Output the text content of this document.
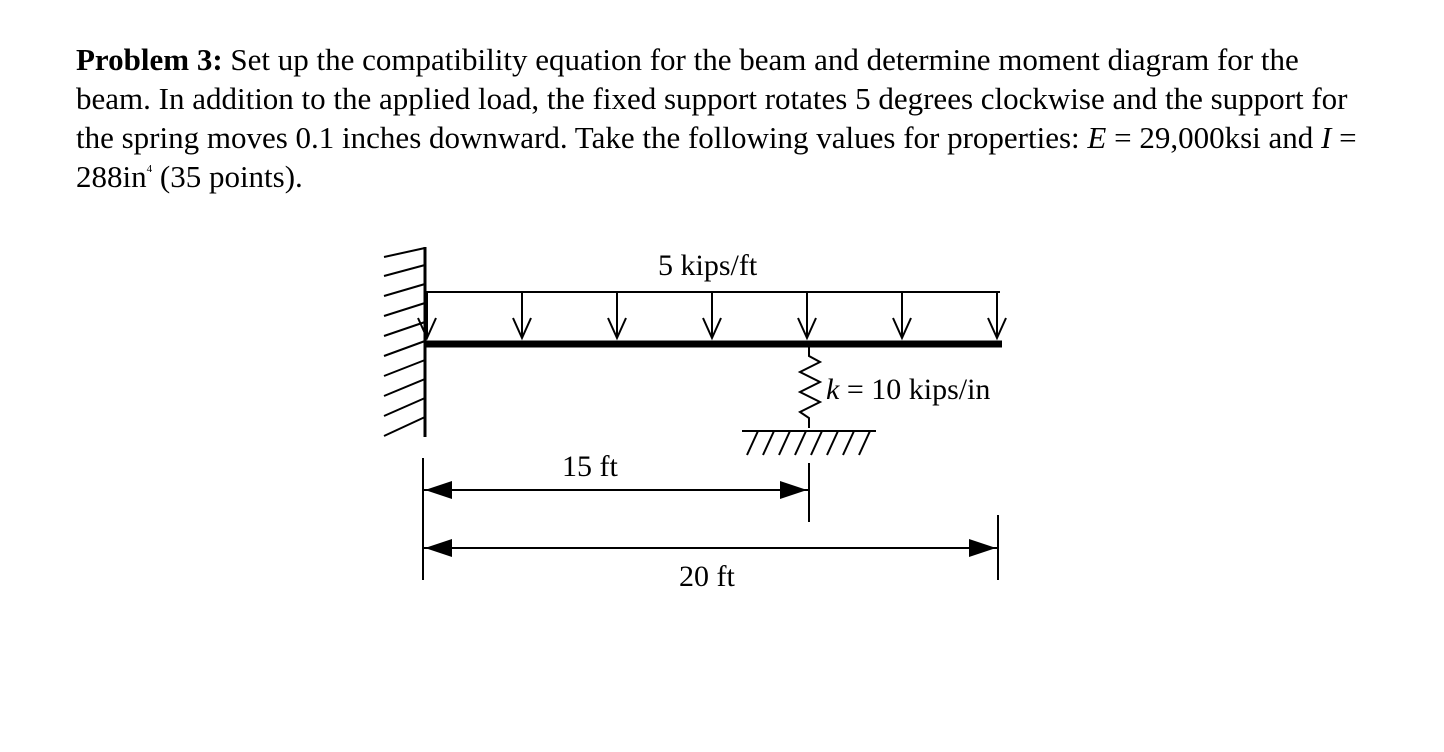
Problem 3: Set up the compatibility equation for the beam and determine moment diagram for the beam. In addition to the applied load, the fixed support rotates 5 degrees clockwise and the support for the spring moves 0.1 inches downward. Take the following values for properties: E = 29,000ksi and $I = 288in^4$ (35 points).
5 kips/ft
k = 10 kips/in
15 ft
20 ft
